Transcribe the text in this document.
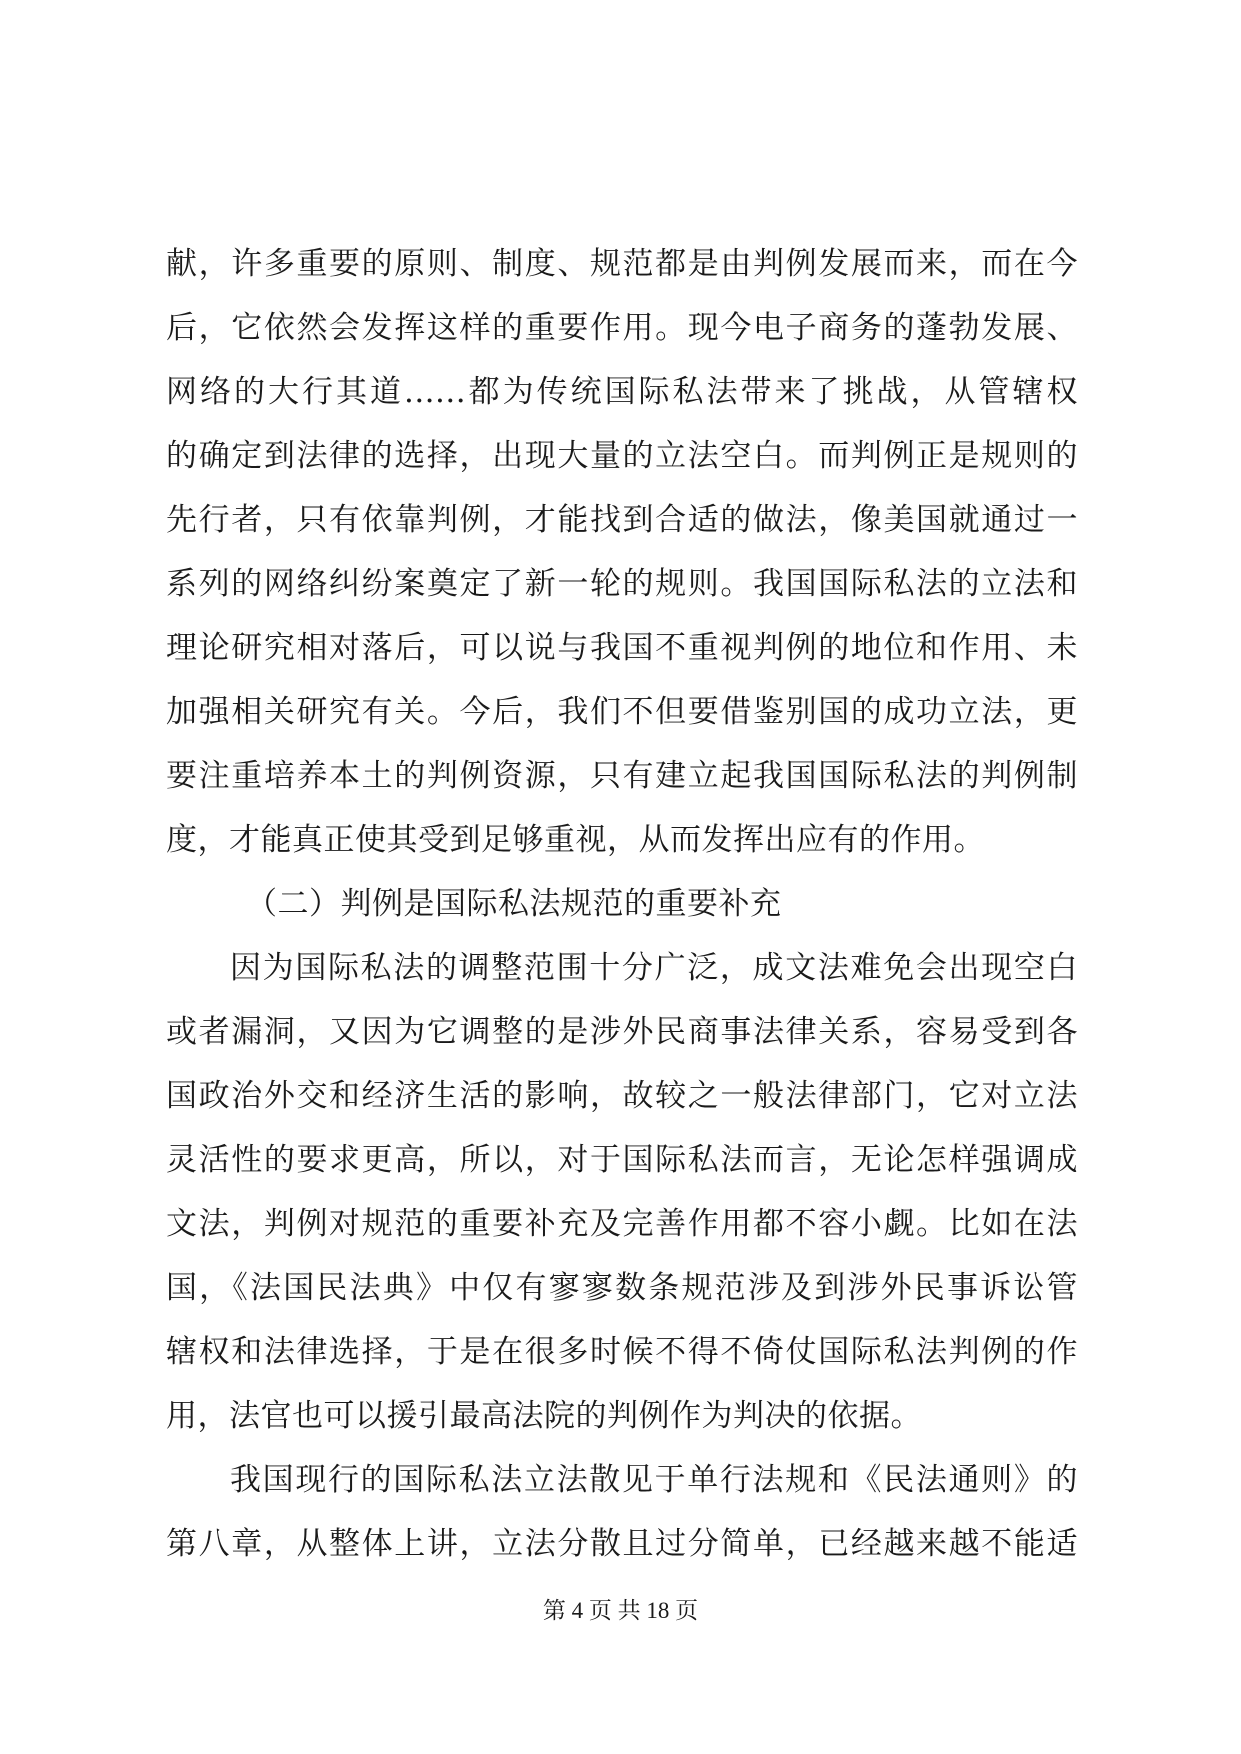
献，许多重要的原则、制度、规范都是由判例发展而来，而在今
后，它依然会发挥这样的重要作用。现今电子商务的蓬勃发展、
网络的大行其道......都为传统国际私法带来了挑战，从管辖权
的确定到法律的选择，出现大量的立法空白。而判例正是规则的
先行者，只有依靠判例，才能找到合适的做法，像美国就通过一
系列的网络纠纷案奠定了新一轮的规则。我国国际私法的立法和
理论研究相对落后，可以说与我国不重视判例的地位和作用、未
加强相关研究有关。今后，我们不但要借鉴别国的成功立法，更
要注重培养本土的判例资源，只有建立起我国国际私法的判例制
度，才能真正使其受到足够重视，从而发挥出应有的作用。
（二）判例是国际私法规范的重要补充
因为国际私法的调整范围十分广泛，成文法难免会出现空白
或者漏洞，又因为它调整的是涉外民商事法律关系，容易受到各
国政治外交和经济生活的影响，故较之一般法律部门，它对立法
灵活性的要求更高，所以，对于国际私法而言，无论怎样强调成
文法，判例对规范的重要补充及完善作用都不容小觑。比如在法
国，《法国民法典》中仅有寥寥数条规范涉及到涉外民事诉讼管
辖权和法律选择，于是在很多时候不得不倚仗国际私法判例的作
用，法官也可以援引最高法院的判例作为判决的依据。
我国现行的国际私法立法散见于单行法规和《民法通则》的
第八章，从整体上讲，立法分散且过分简单，已经越来越不能适
第 4 页 共 18 页
